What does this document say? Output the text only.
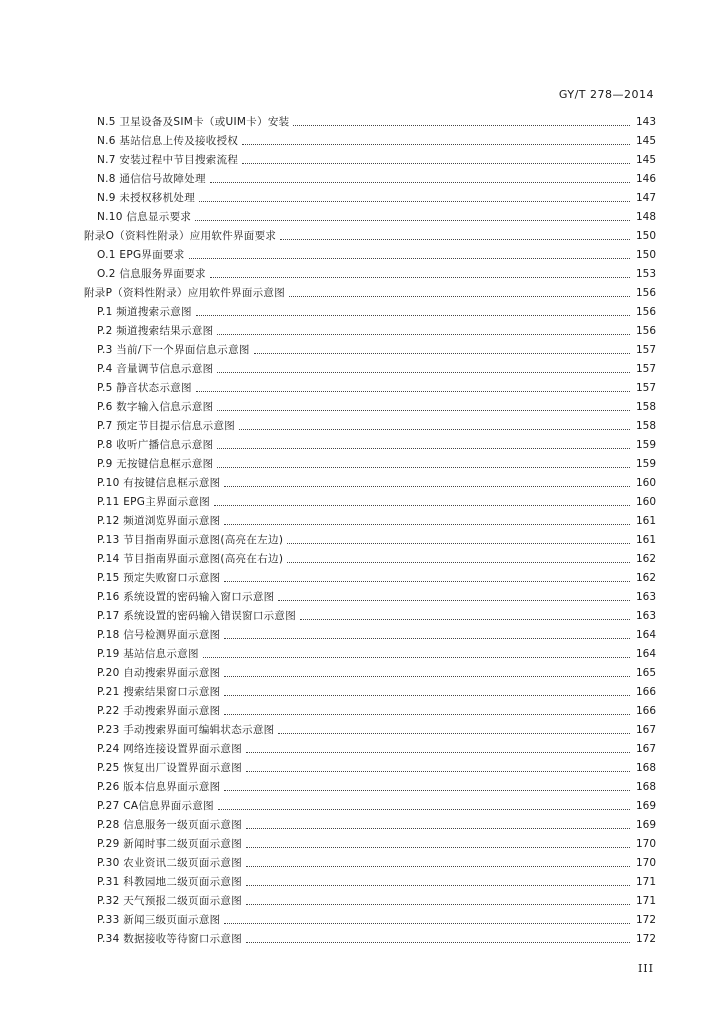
GY/T 278—2014
N.5 卫星设备及SIM卡（或UIM卡）安装	143
N.6 基站信息上传及接收授权	145
N.7 安装过程中节目搜索流程	145
N.8 通信信号故障处理	146
N.9 未授权移机处理	147
N.10 信息显示要求	148
附录O（资料性附录）应用软件界面要求	150
O.1 EPG界面要求	150
O.2 信息服务界面要求	153
附录P（资料性附录）应用软件界面示意图	156
P.1 频道搜索示意图	156
P.2 频道搜索结果示意图	156
P.3 当前/下一个界面信息示意图	157
P.4 音量调节信息示意图	157
P.5 静音状态示意图	157
P.6 数字输入信息示意图	158
P.7 预定节目提示信息示意图	158
P.8 收听广播信息示意图	159
P.9 无按键信息框示意图	159
P.10 有按键信息框示意图	160
P.11 EPG主界面示意图	160
P.12 频道浏览界面示意图	161
P.13 节目指南界面示意图(高亮在左边)	161
P.14 节目指南界面示意图(高亮在右边)	162
P.15 预定失败窗口示意图	162
P.16 系统设置的密码输入窗口示意图	163
P.17 系统设置的密码输入错误窗口示意图	163
P.18 信号检测界面示意图	164
P.19 基站信息示意图	164
P.20 自动搜索界面示意图	165
P.21 搜索结果窗口示意图	166
P.22 手动搜索界面示意图	166
P.23 手动搜索界面可编辑状态示意图	167
P.24 网络连接设置界面示意图	167
P.25 恢复出厂设置界面示意图	168
P.26 版本信息界面示意图	168
P.27 CA信息界面示意图	169
P.28 信息服务一级页面示意图	169
P.29 新闻时事二级页面示意图	170
P.30 农业资讯二级页面示意图	170
P.31 科教园地二级页面示意图	171
P.32 天气预报二级页面示意图	171
P.33 新闻三级页面示意图	172
P.34 数据接收等待窗口示意图	172
III
